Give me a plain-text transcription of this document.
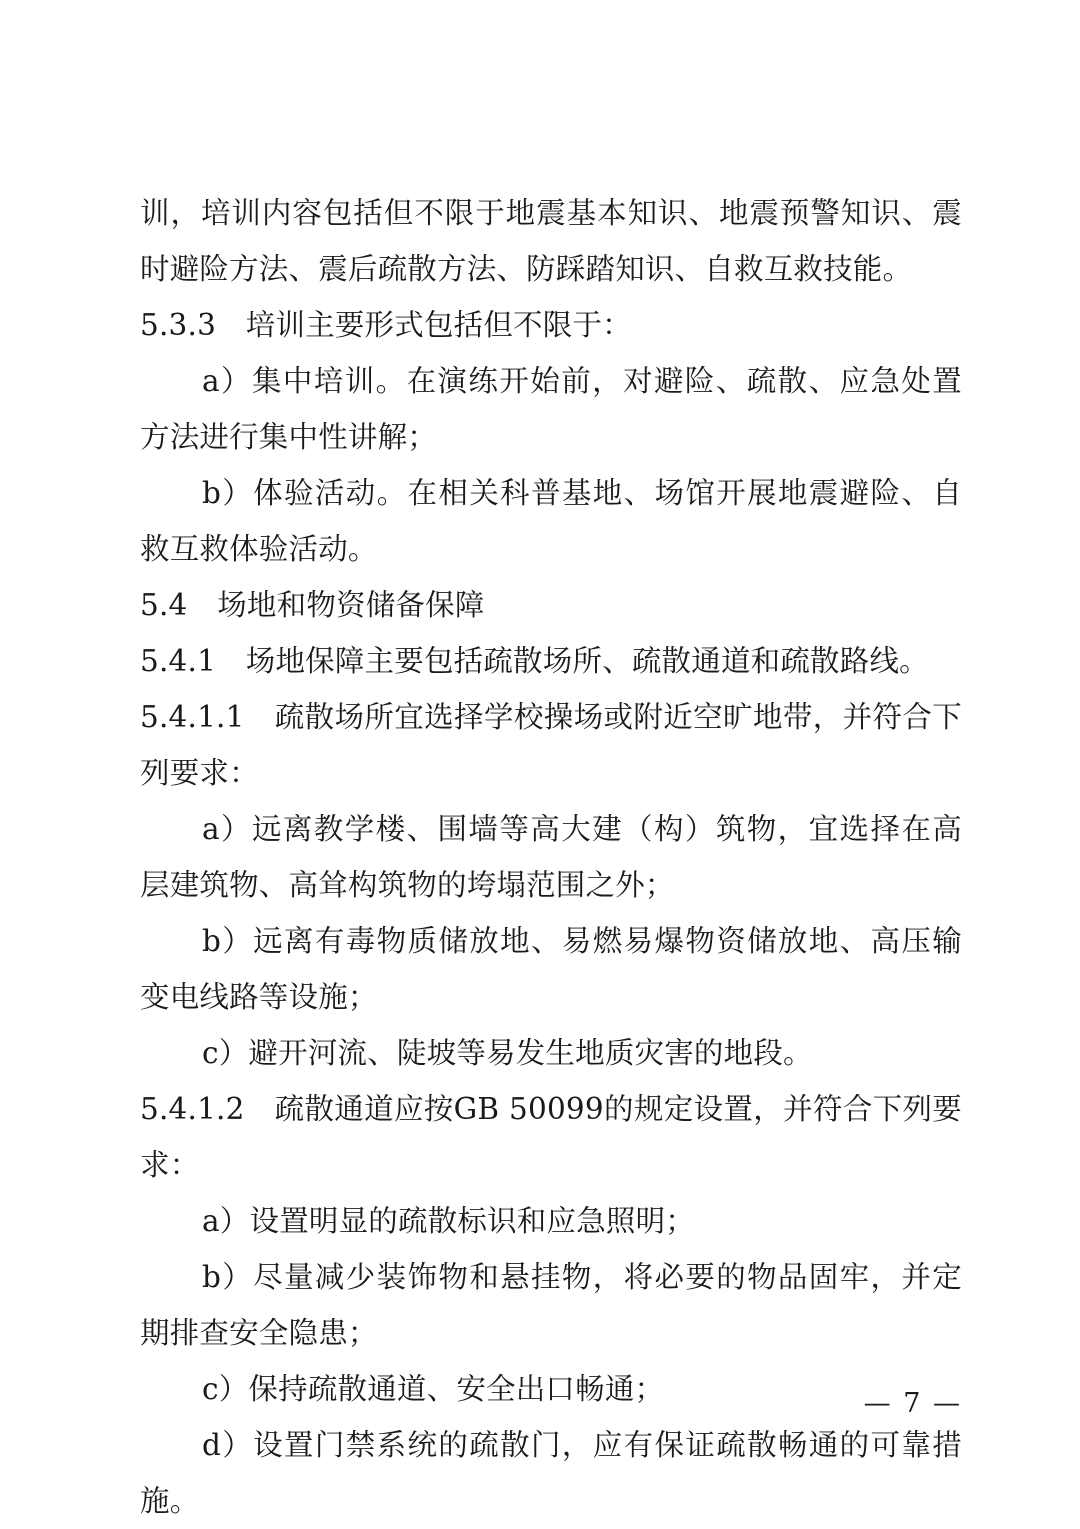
训，培训内容包括但不限于地震基本知识、地震预警知识、震时避险方法、震后疏散方法、防踩踏知识、自救互救技能。

5.3.3　培训主要形式包括但不限于：

a）集中培训。在演练开始前，对避险、疏散、应急处置方法进行集中性讲解；

b）体验活动。在相关科普基地、场馆开展地震避险、自救互救体验活动。

5.4　场地和物资储备保障

5.4.1　场地保障主要包括疏散场所、疏散通道和疏散路线。

5.4.1.1　疏散场所宜选择学校操场或附近空旷地带，并符合下列要求：

a）远离教学楼、围墙等高大建（构）筑物，宜选择在高层建筑物、高耸构筑物的垮塌范围之外；

b）远离有毒物质储放地、易燃易爆物资储放地、高压输变电线路等设施；

c）避开河流、陡坡等易发生地质灾害的地段。

5.4.1.2　疏散通道应按GB 50099的规定设置，并符合下列要求：

a）设置明显的疏散标识和应急照明；

b）尽量减少装饰物和悬挂物，将必要的物品固牢，并定期排查安全隐患；

c）保持疏散通道、安全出口畅通；

d）设置门禁系统的疏散门，应有保证疏散畅通的可靠措施。

— 7 —
